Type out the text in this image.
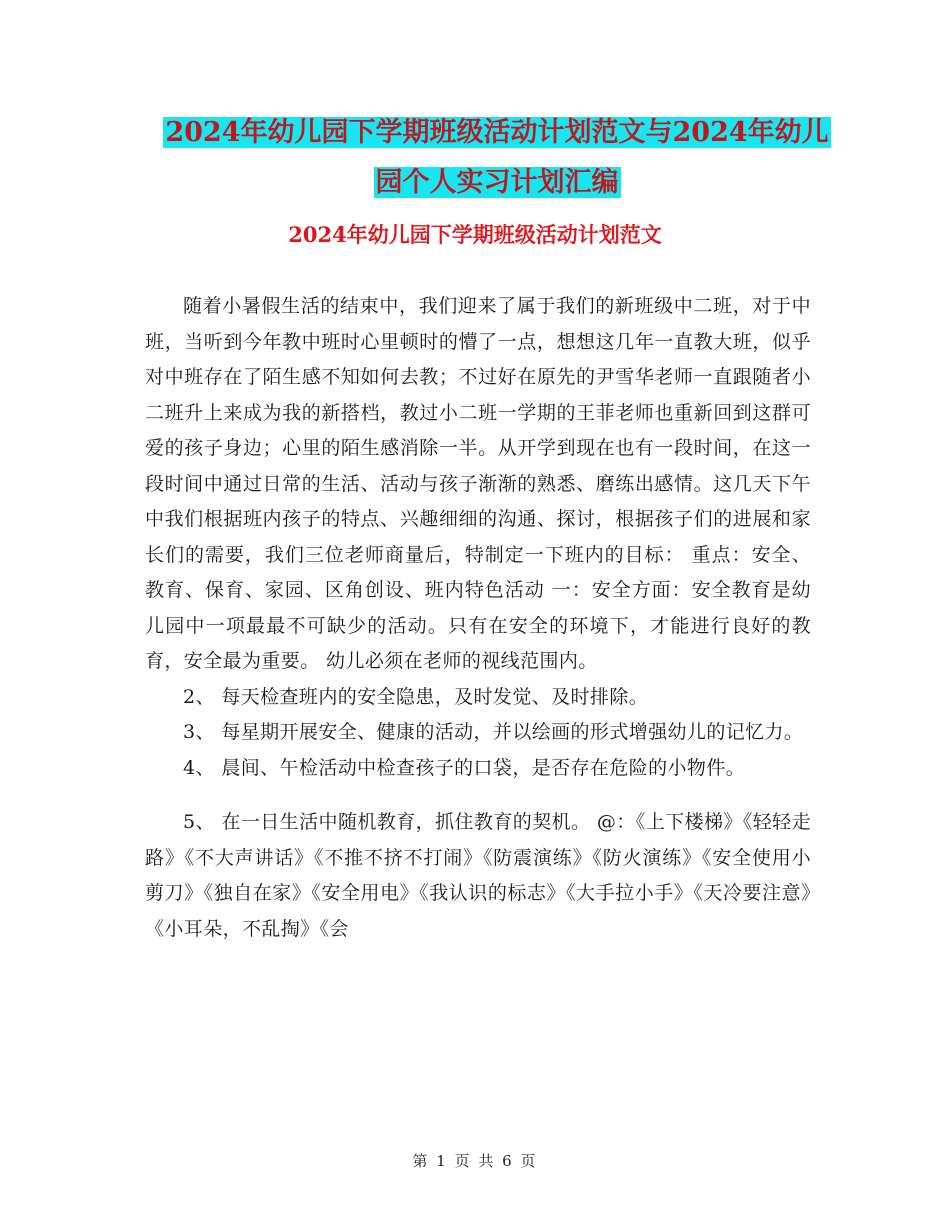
2024年幼儿园下学期班级活动计划范文与2024年幼儿
园个人实习计划汇编
2024年幼儿园下学期班级活动计划范文

随着小暑假生活的结束中，我们迎来了属于我们的新班级中二班，对于中班，当听到今年教中班时心里顿时的懵了一点，想想这几年一直教大班，似乎对中班存在了陌生感不知如何去教；不过好在原先的尹雪华老师一直跟随者小二班升上来成为我的新搭档，教过小二班一学期的王菲老师也重新回到这群可爱的孩子身边；心里的陌生感消除一半。从开学到现在也有一段时间，在这一段时间中通过日常的生活、活动与孩子渐渐的熟悉、磨练出感情。这几天下午中我们根据班内孩子的特点、兴趣细细的沟通、探讨，根据孩子们的进展和家长们的需要，我们三位老师商量后，特制定一下班内的目标： 重点：安全、教育、保育、家园、区角创设、班内特色活动 一：安全方面：安全教育是幼儿园中一项最最不可缺少的活动。只有在安全的环境下，才能进行良好的教育，安全最为重要。 幼儿必须在老师的视线范围内。

2、 每天检查班内的安全隐患，及时发觉、及时排除。

3、 每星期开展安全、健康的活动，并以绘画的形式增强幼儿的记忆力。

4、 晨间、午检活动中检查孩子的口袋，是否存在危险的小物件。

5、 在一日生活中随机教育，抓住教育的契机。 @：《上下楼梯》《轻轻走路》《不大声讲话》《不推不挤不打闹》《防震演练》《防火演练》《安全使用小剪刀》《独自在家》《安全用电》《我认识的标志》《大手拉小手》《天冷要注意》《小耳朵，不乱掏》《会

第 1 页 共 6 页
